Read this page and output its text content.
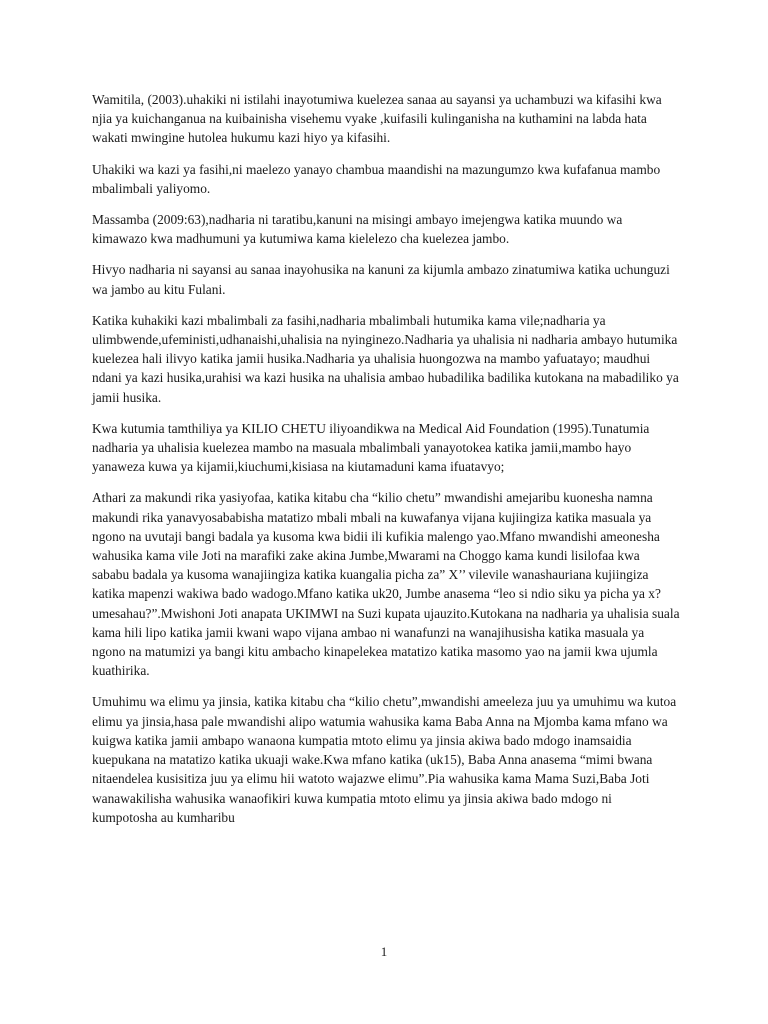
Wamitila, (2003).uhakiki ni istilahi inayotumiwa kuelezea sanaa au sayansi ya uchambuzi wa kifasihi kwa njia ya kuichanganua na kuibainisha visehemu vyake ,kuifasili kulinganisha na kuthamini na labda hata wakati mwingine hutolea hukumu kazi hiyo ya kifasihi.

Uhakiki wa kazi ya fasihi,ni maelezo yanayo chambua maandishi na mazungumzo kwa kufafanua mambo mbalimbali yaliyomo.

Massamba (2009:63),nadharia ni taratibu,kanuni na misingi ambayo imejengwa katika muundo wa kimawazo kwa madhumuni ya kutumiwa kama kielelezo cha kuelezea jambo.

Hivyo nadharia ni sayansi au sanaa inayohusika na kanuni za kijumla ambazo zinatumiwa katika uchunguzi wa jambo au kitu Fulani.

Katika kuhakiki kazi mbalimbali za fasihi,nadharia mbalimbali hutumika kama vile;nadharia ya ulimbwende,ufeministi,udhanaishi,uhalisia na nyinginezo.Nadharia ya uhalisia ni nadharia ambayo hutumika kuelezea hali ilivyo katika jamii husika.Nadharia ya uhalisia huongozwa na mambo yafuatayo; maudhui ndani ya kazi husika,urahisi wa kazi husika na uhalisia ambao hubadilika badilika kutokana na mabadiliko ya jamii husika.

Kwa kutumia tamthiliya ya KILIO CHETU iliyoandikwa na Medical Aid Foundation (1995).Tunatumia nadharia ya uhalisia kuelezea mambo na masuala mbalimbali yanayotokea katika jamii,mambo hayo yanaweza kuwa ya kijamii,kiuchumi,kisiasa na kiutamaduni kama ifuatavyo;

Athari za makundi rika yasiyofaa, katika kitabu cha “kilio chetu” mwandishi amejaribu kuonesha namna makundi rika yanavyosababisha matatizo mbali mbali na kuwafanya vijana kujiingiza katika masuala ya ngono na uvutaji bangi badala ya kusoma kwa bidii ili kufikia malengo yao.Mfano mwandishi ameonesha wahusika kama vile Joti na marafiki zake akina Jumbe,Mwarami na Choggo kama kundi lisilofaa kwa sababu badala ya kusoma wanajiingiza katika kuangalia picha za” X’’ vilevile wanashauriana kujiingiza katika mapenzi wakiwa bado wadogo.Mfano katika uk20, Jumbe anasema “leo si ndio siku ya picha ya x? umesahau?”.Mwishoni Joti anapata UKIMWI na Suzi kupata ujauzito.Kutokana na nadharia ya uhalisia suala kama hili lipo katika jamii kwani wapo vijana ambao ni wanafunzi na wanajihusisha katika masuala ya ngono na matumizi ya bangi kitu ambacho kinapelekea matatizo katika masomo yao na jamii kwa ujumla kuathirika.

Umuhimu wa elimu ya jinsia, katika kitabu cha “kilio chetu”,mwandishi ameeleza juu ya umuhimu wa kutoa elimu ya jinsia,hasa pale mwandishi alipo watumia wahusika kama Baba Anna na Mjomba kama mfano wa kuigwa katika jamii ambapo wanaona kumpatia mtoto elimu ya jinsia akiwa bado mdogo inamsaidia kuepukana na matatizo katika ukuaji wake.Kwa mfano katika (uk15), Baba Anna anasema “mimi bwana nitaendelea kusisitiza juu ya elimu hii watoto wajazwe elimu”.Pia wahusika kama Mama Suzi,Baba Joti wanawakilisha wahusika wanaofikiri kuwa kumpatia mtoto elimu ya jinsia akiwa bado mdogo ni kumpotosha au kumharibu

1
